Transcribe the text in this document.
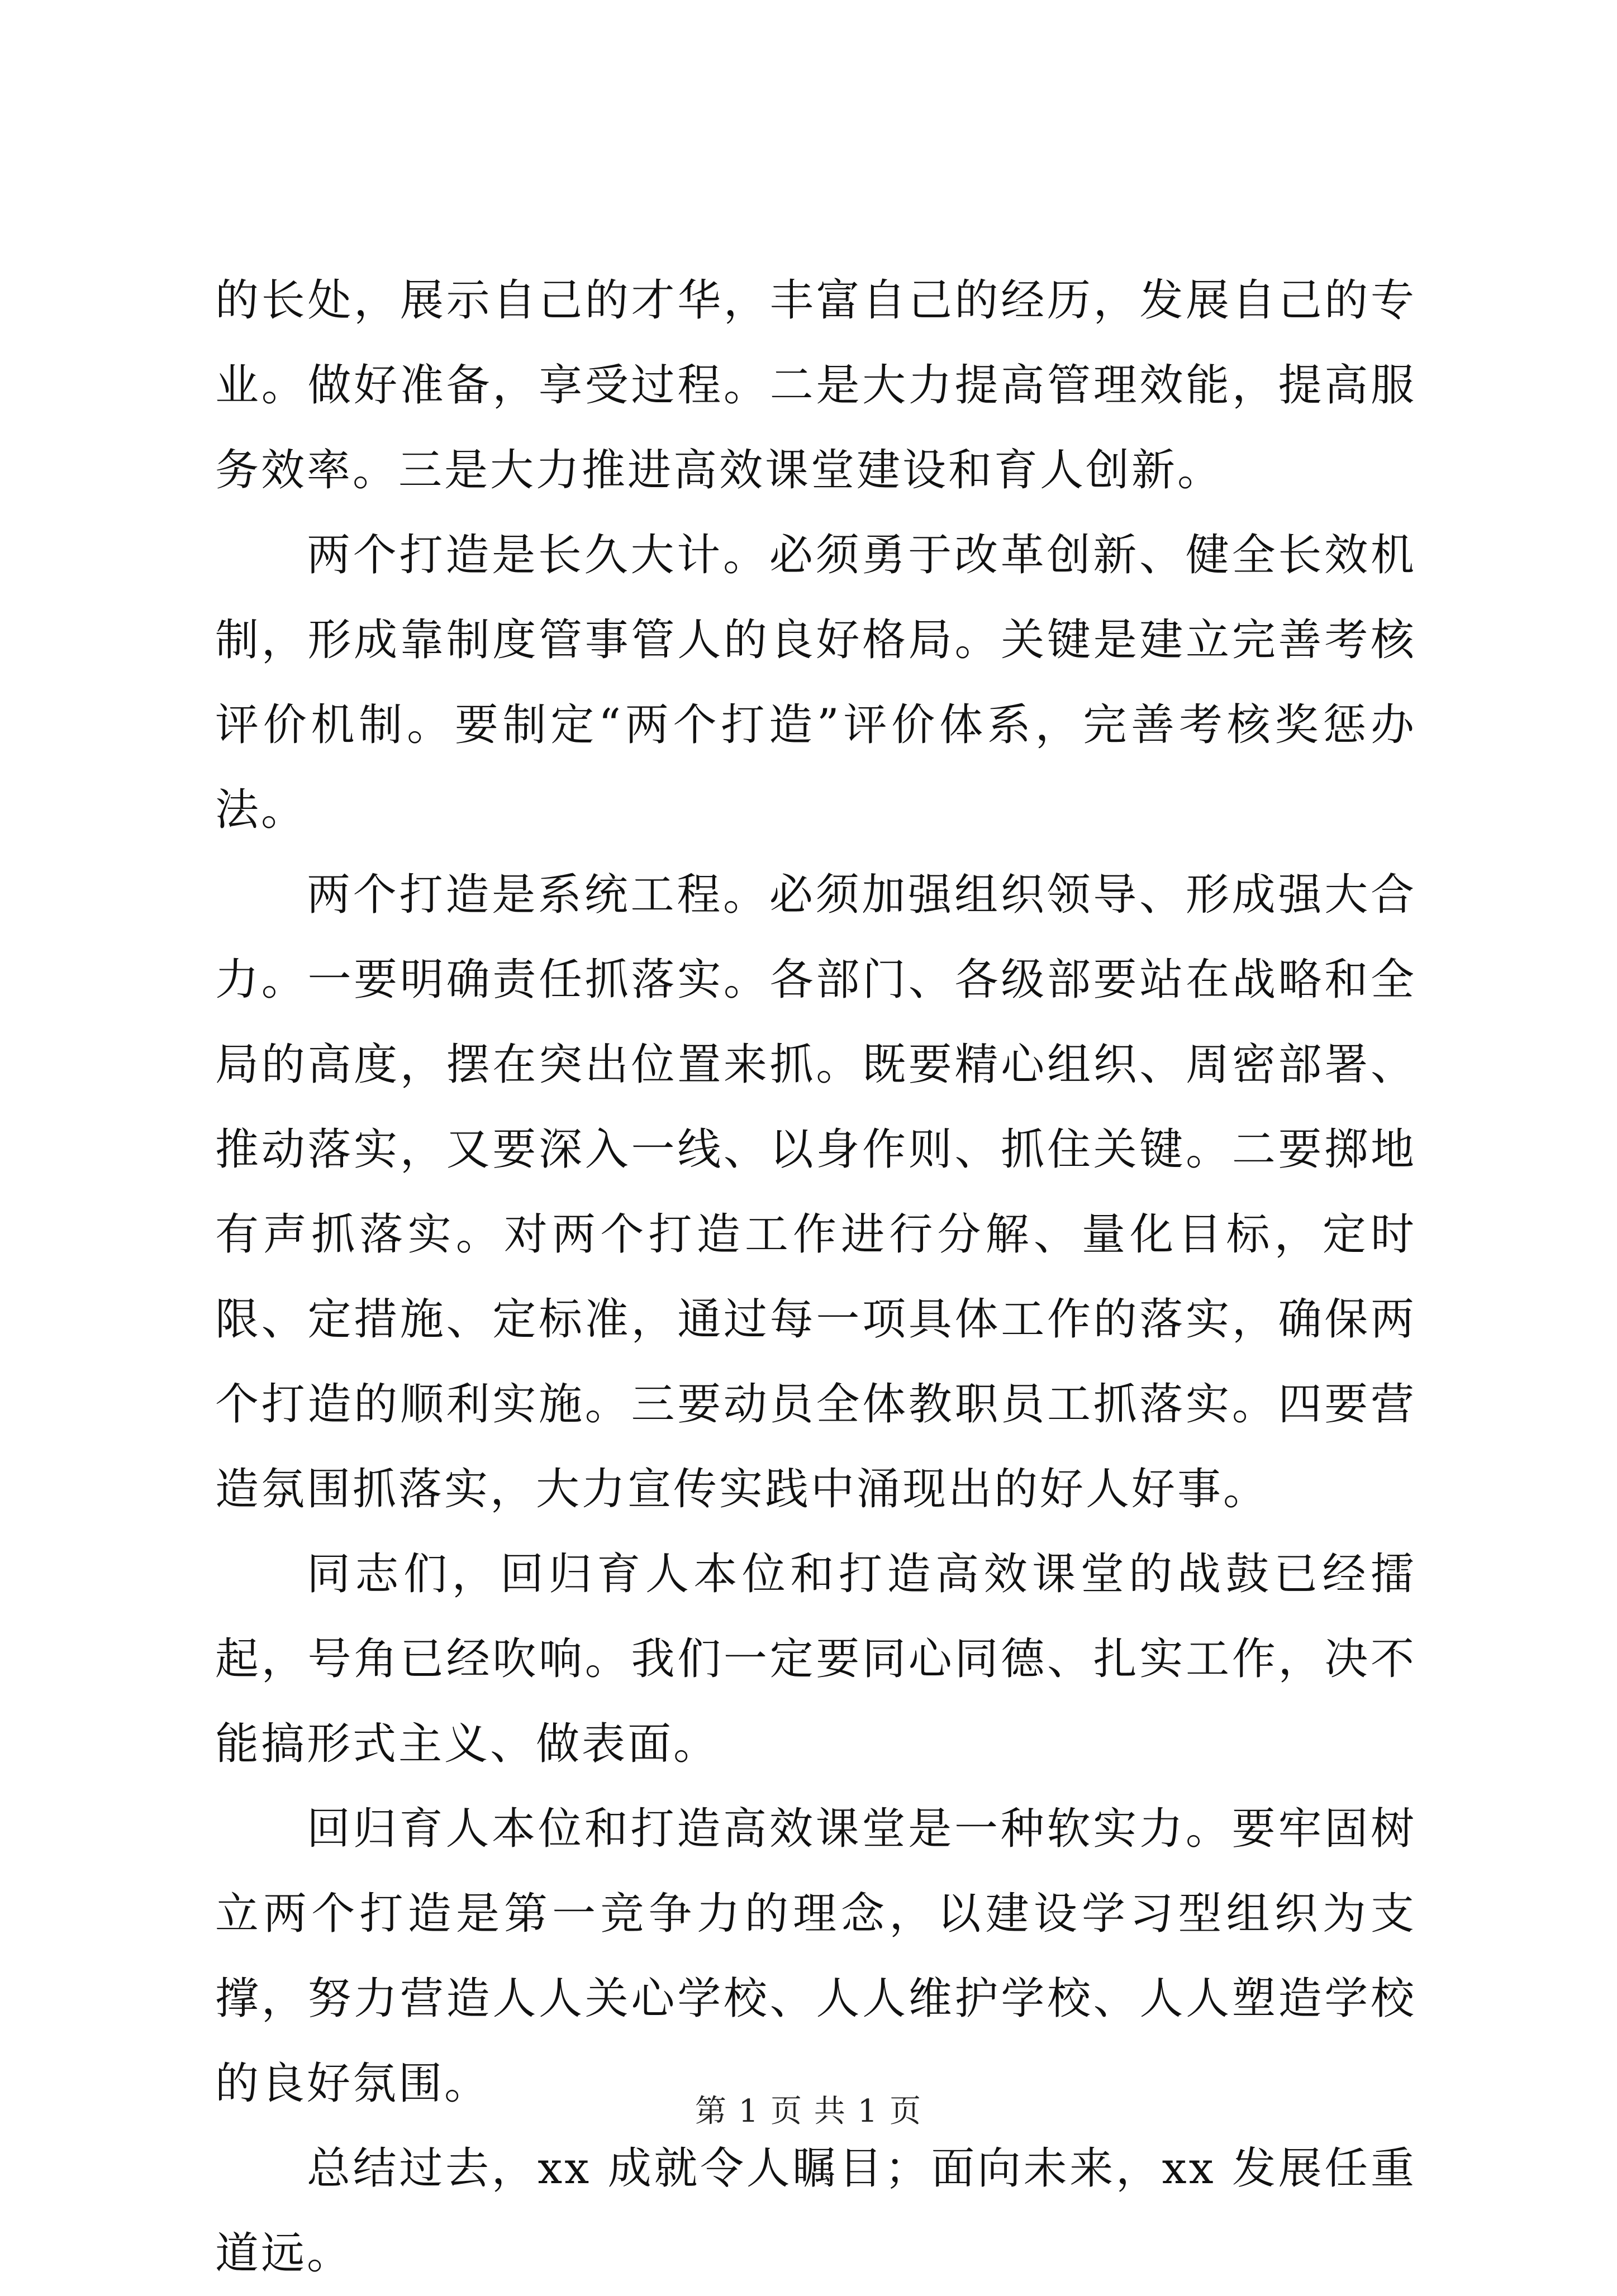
的长处，展示自己的才华，丰富自己的经历，发展自己的专业。做好准备，享受过程。二是大力提高管理效能，提高服务效率。三是大力推进高效课堂建设和育人创新。

两个打造是长久大计。必须勇于改革创新、健全长效机制，形成靠制度管事管人的良好格局。关键是建立完善考核评价机制。要制定“两个打造”评价体系，完善考核奖惩办法。

两个打造是系统工程。必须加强组织领导、形成强大合力。一要明确责任抓落实。各部门、各级部要站在战略和全局的高度，摆在突出位置来抓。既要精心组织、周密部署、推动落实，又要深入一线、以身作则、抓住关键。二要掷地有声抓落实。对两个打造工作进行分解、量化目标，定时限、定措施、定标准，通过每一项具体工作的落实，确保两个打造的顺利实施。三要动员全体教职员工抓落实。四要营造氛围抓落实，大力宣传实践中涌现出的好人好事。

同志们，回归育人本位和打造高效课堂的战鼓已经擂起，号角已经吹响。我们一定要同心同德、扎实工作，决不能搞形式主义、做表面。

回归育人本位和打造高效课堂是一种软实力。要牢固树立两个打造是第一竞争力的理念，以建设学习型组织为支撑，努力营造人人关心学校、人人维护学校、人人塑造学校的良好氛围。

总结过去，xx 成就令人瞩目；面向未来，xx 发展任重道远。

第 1 页 共 1 页
